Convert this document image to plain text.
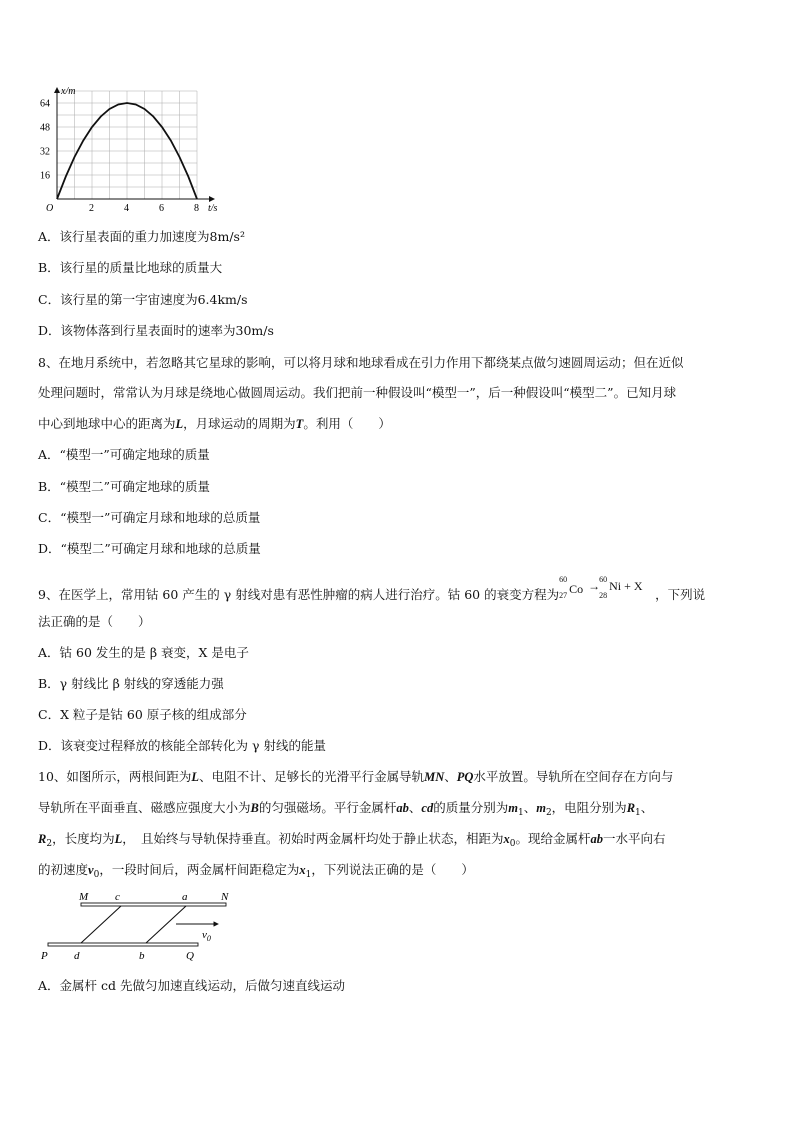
2	4	6	8
16
32
48
64
x/m
t/s
O
A．该行星表面的重力加速度为8m/s²
B．该行星的质量比地球的质量大
C．该行星的第一宇宙速度为6.4km/s
D．该物体落到行星表面时的速率为30m/s
8、在地月系统中，若忽略其它星球的影响，可以将月球和地球看成在引力作用下都绕某点做匀速圆周运动；但在近似
处理问题时，常常认为月球是绕地心做圆周运动。我们把前一种假设叫“模型一”，后一种假设叫“模型二”。已知月球
中心到地球中心的距离为L，月球运动的周期为T。利用（　　）
A．“模型一”可确定地球的质量
B．“模型二”可确定地球的质量
C．“模型一”可确定月球和地球的总质量
D．“模型二”可确定月球和地球的总质量
9、在医学上，常用钴 60 产生的 γ 射线对患有恶性肿瘤的病人进行治疗。钴 60 的衰变方程为
60
27 Co → 60
28
Ni + X
，下列说
法正确的是（　　）
A．钴 60 发生的是 β 衰变，X 是电子
B．γ 射线比 β 射线的穿透能力强
C．X 粒子是钴 60 原子核的组成部分
D．该衰变过程释放的核能全部转化为 γ 射线的能量
10、如图所示，两根间距为L、电阻不计、足够长的光滑平行金属导轨MN、PQ水平放置。导轨所在空间存在方向与
导轨所在平面垂直、磁感应强度大小为B的匀强磁场。平行金属杆ab、cd的质量分别为$m_1$、$m_2$，电阻分别为$R_1$、
$R_2$，长度均为L，　且始终与导轨保持垂直。初始时两金属杆均处于静止状态，相距为$x_0$。现给金属杆ab一水平向右
的初速度$v_0$，一段时间后，两金属杆间距稳定为$x_1$，下列说法正确的是（　　）
M c	a	N
$v_0$
P d	b	Q
A．金属杆 cd 先做匀加速直线运动，后做匀速直线运动
